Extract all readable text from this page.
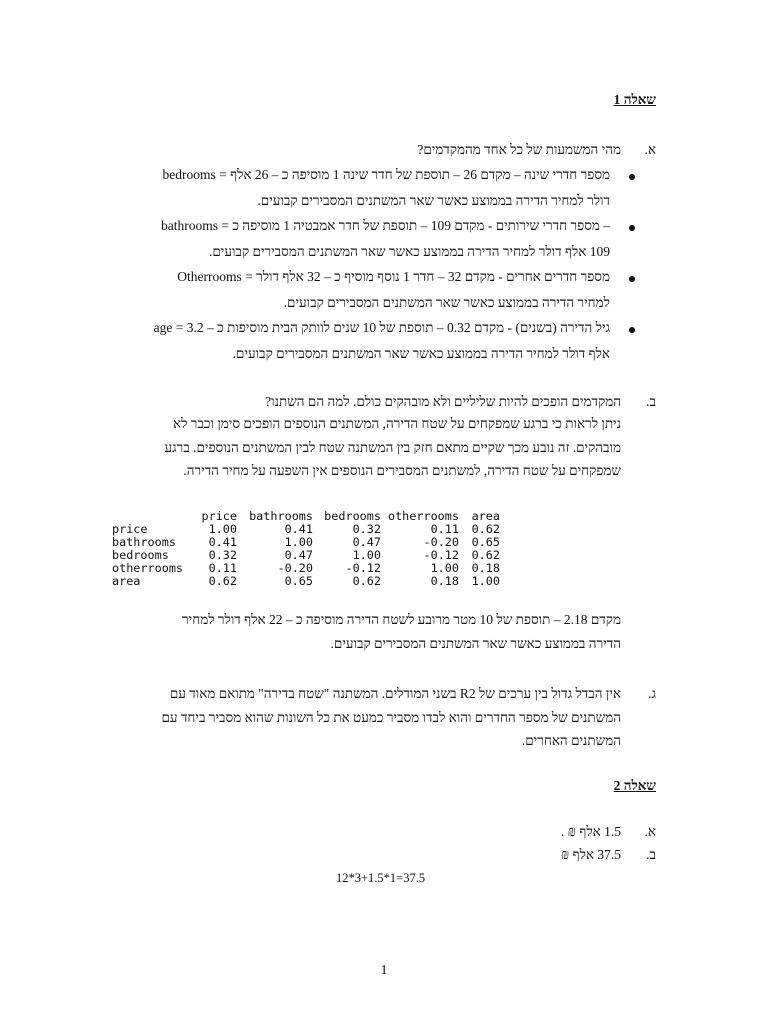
שאלה 1
א.
מהי המשמעות של כל אחד מהמקדמים?
bedrooms = מספר חדרי שינה – מקדם 26 – תוספת של חדר שינה 1 מוסיפה כ – 26 אלף
דולר למחיר הדירה בממוצע כאשר שאר המשתנים המסבירים קבועים.
bathrooms = מספר חדרי שירותים - מקדם 109 – תוספת של חדר אמבטיה 1 מוסיפה כ –
109 אלף דולר למחיר הדירה בממוצע כאשר שאר המשתנים המסבירים קבועים.
Otherrooms = מספר חדרים אחרים - מקדם 32 – חדר 1 נוסף מוסיף כ – 32 אלף דולר
למחיר הדירה בממוצע כאשר שאר המשתנים המסבירים קבועים.
age = גיל הדירה (בשנים) - מקדם 0.32 – תוספת של 10 שנים לוותק הבית מוסיפות כ – 3.2
אלף דולר למחיר הדירה בממוצע כאשר שאר המשתנים המסבירים קבועים.
ב.
המקדמים הופכים להיות שליליים ולא מובהקים כולם. למה הם השתנו?
ניתן לראות כי ברגע שמפקחים על שטח הדירה, המשתנים הנוספים הופכים סימן וכבר לא
מובהקים. זה נובע מכך שקיים מתאם חזק בין המשתנה שטח לבין המשתנים הנוספים. ברגע
שמפקחים על שטח הדירה, למשתנים המסבירים הנוספים אין השפעה על מחיר הדירה.
	price	bathrooms	bedrooms	otherrooms	area
price	1.00	0.41	0.32	0.11	0.62
bathrooms	0.41	1.00	0.47	-0.20	0.65
bedrooms	0.32	0.47	1.00	-0.12	0.62
otherrooms	0.11	-0.20	-0.12	1.00	0.18
area	0.62	0.65	0.62	0.18	1.00
מקדם 2.18 – תוספת של 10 מטר מרובע לשטח הדירה מוסיפה כ – 22 אלף דולר למחיר
הדירה בממוצע כאשר שאר המשתנים המסבירים קבועים.
ג.
אין הבדל גדול בין ערכים של R2 בשני המודלים. המשתנה "שטח בדירה" מתואם מאוד עם
המשתנים של מספר החדרים והוא לבדו מסביר כמעט את כל השונות שהוא מסביר ביחד עם
המשתנים האחרים.
שאלה 2
א.
1.5 אלף ₪ .
ב.
37.5 אלף ₪
12*3+1.5*1=37.5
1
